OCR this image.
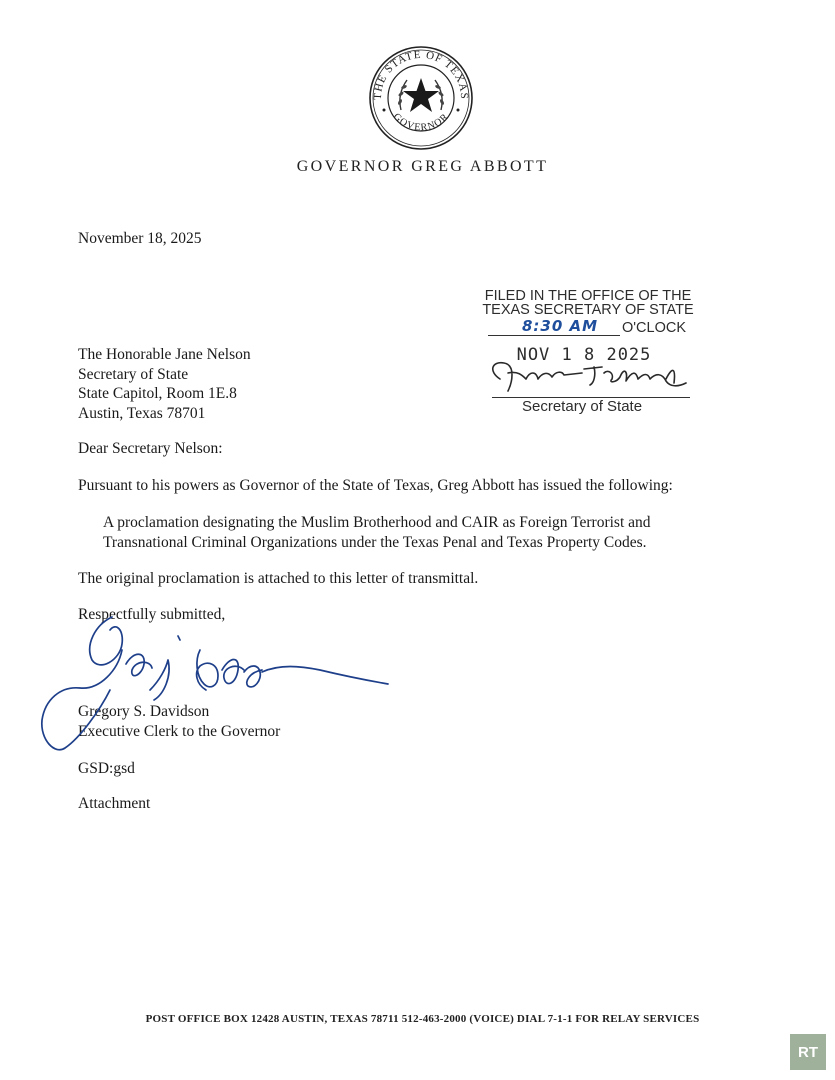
THE STATE OF TEXAS
GOVERNOR
GOVERNOR GREG ABBOTT
November 18, 2025
The Honorable Jane Nelson
Secretary of State
State Capitol, Room 1E.8
Austin, Texas 78701
FILED IN THE OFFICE OF THE
TEXAS SECRETARY OF STATE
8:30 AM	O'CLOCK
NOV 1 8 2025
Secretary of State
Dear Secretary Nelson:
Pursuant to his powers as Governor of the State of Texas, Greg Abbott has issued the following:
A proclamation designating the Muslim Brotherhood and CAIR as Foreign Terrorist and
Transnational Criminal Organizations under the Texas Penal and Texas Property Codes.
The original proclamation is attached to this letter of transmittal.
Respectfully submitted,
Gregory S. Davidson
Executive Clerk to the Governor
GSD:gsd
Attachment
POST OFFICE BOX 12428 AUSTIN, TEXAS 78711 512-463-2000 (VOICE) DIAL 7-1-1 FOR RELAY SERVICES
RT
